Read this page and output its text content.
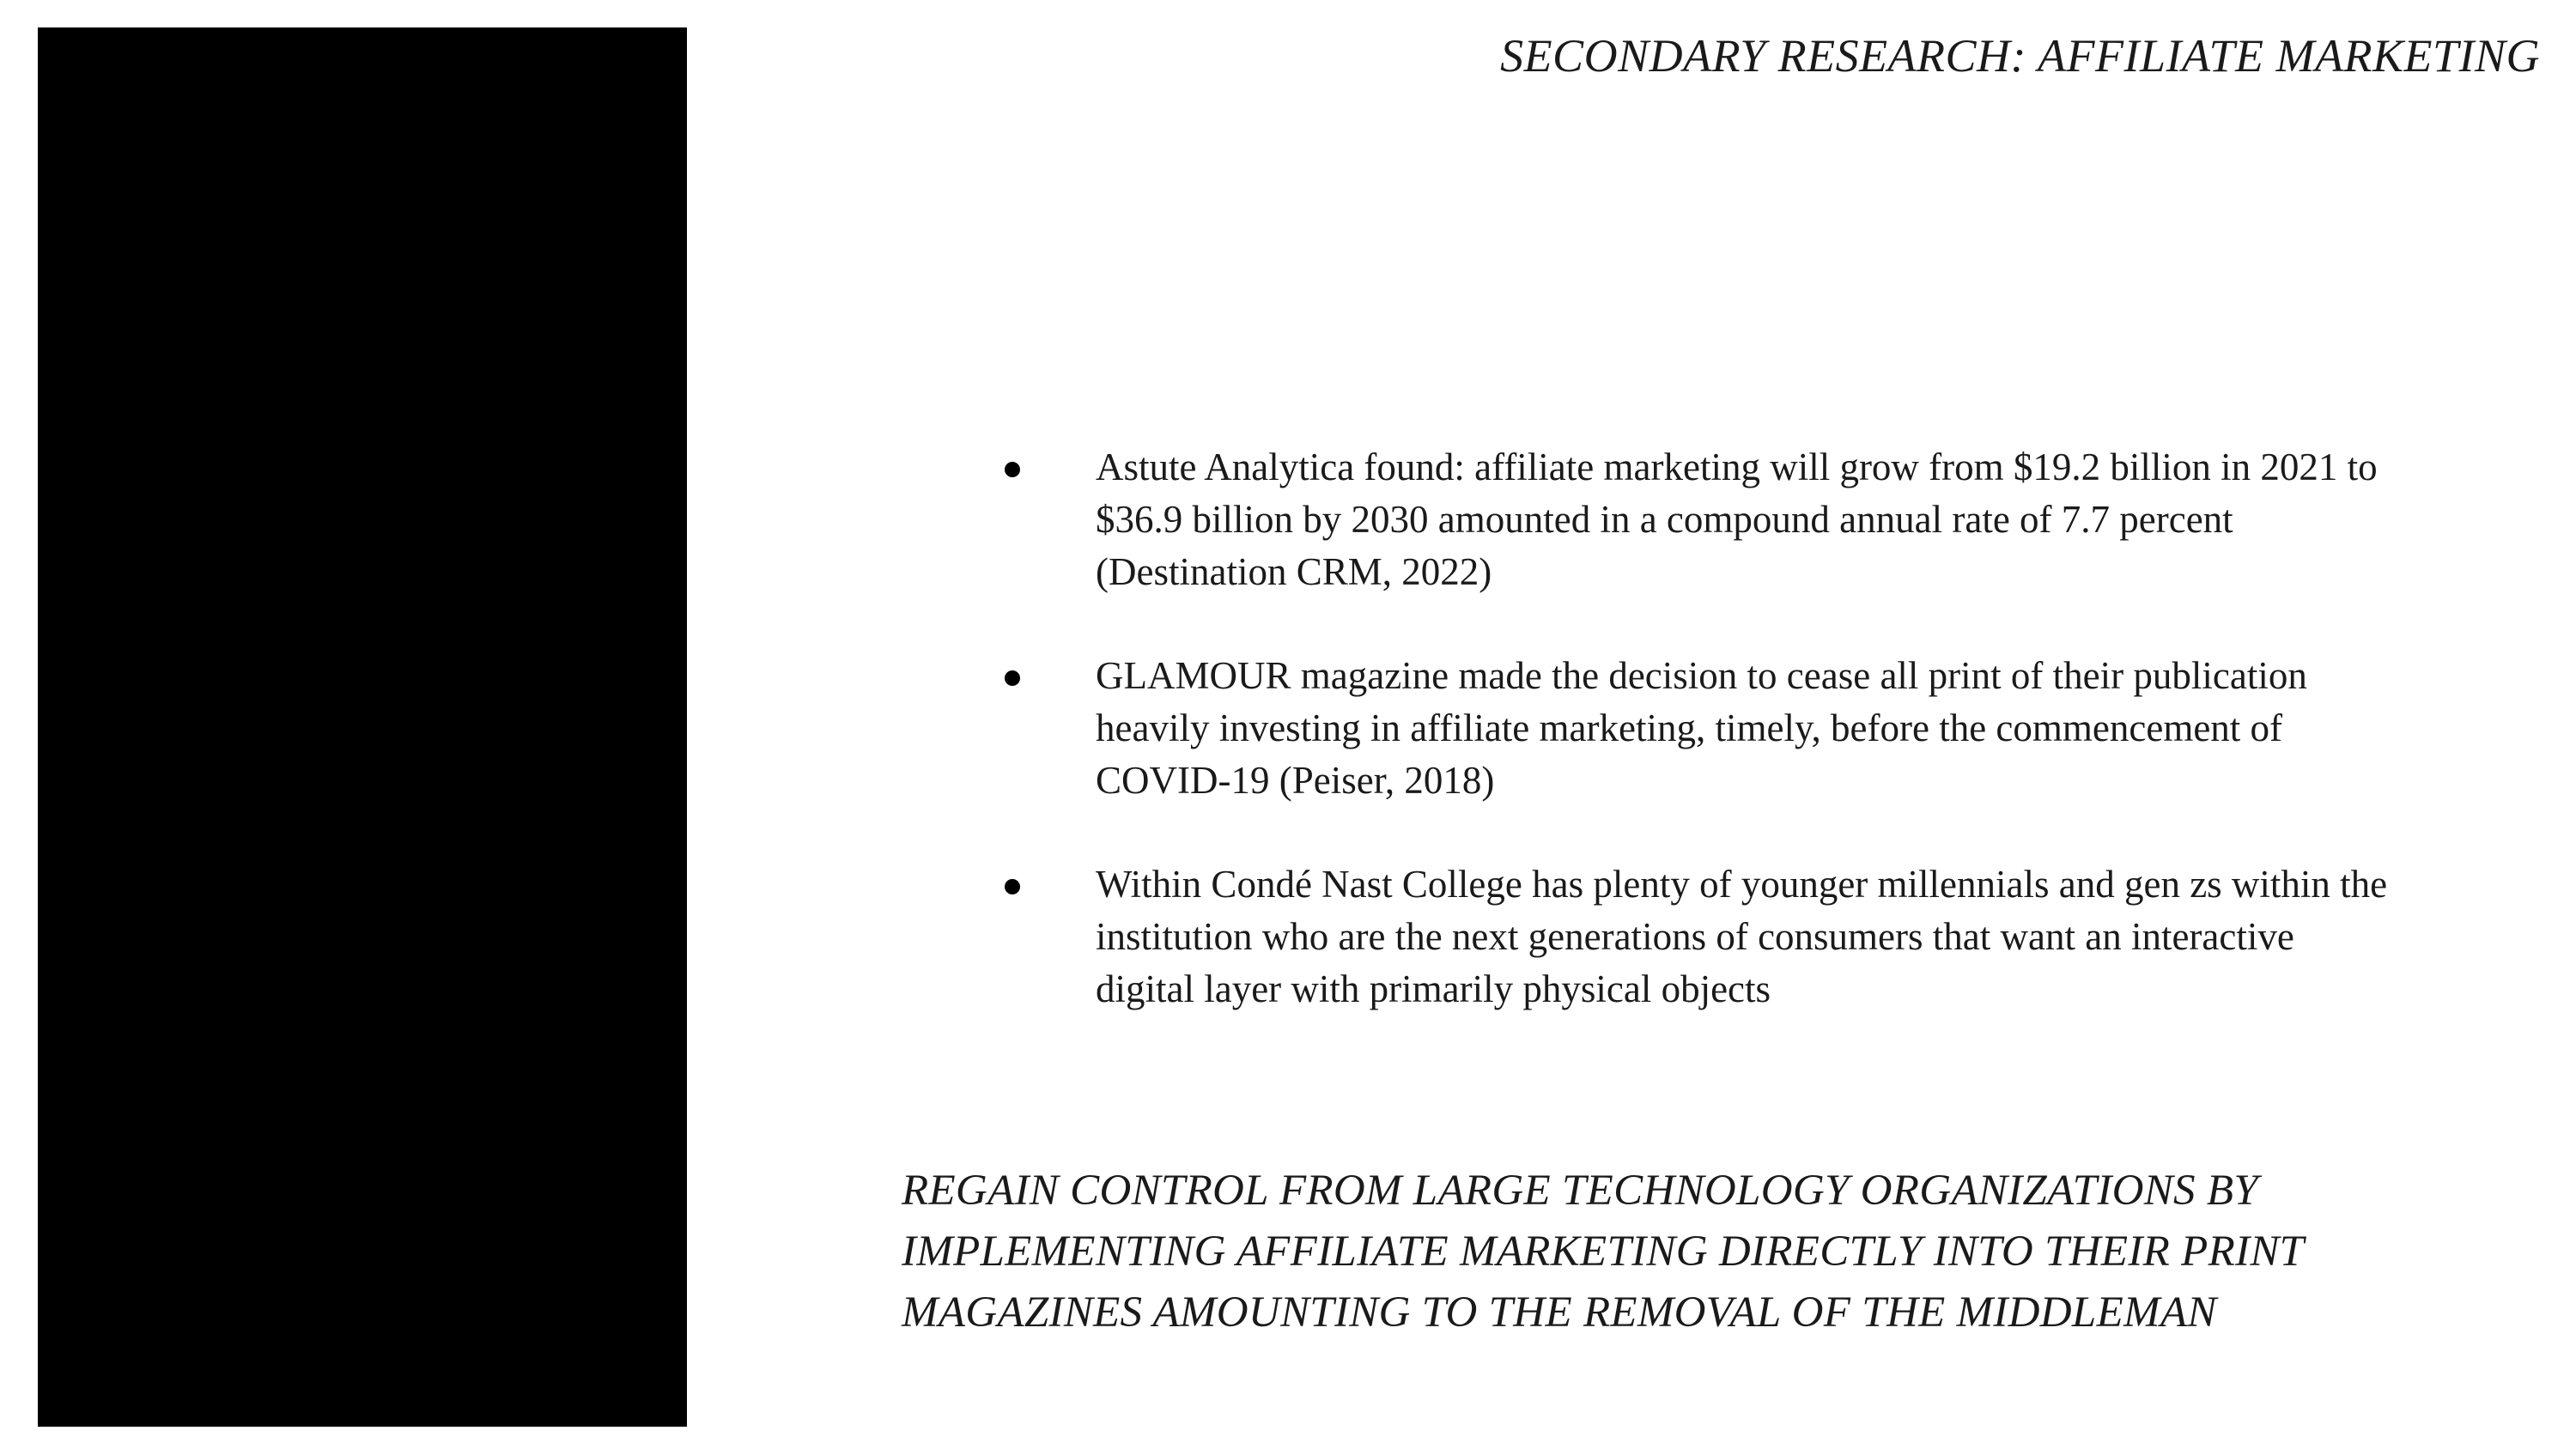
SECONDARY RESEARCH: AFFILIATE MARKETING
Astute Analytica found: affiliate marketing will grow from $19.2 billion in 2021 to $36.9 billion by 2030 amounted in a compound annual rate of 7.7 percent (Destination CRM, 2022)
GLAMOUR magazine made the decision to cease all print of their publication heavily investing in affiliate marketing, timely, before the commencement of COVID-19 (Peiser, 2018)
Within Condé Nast College has plenty of younger millennials and gen zs within the institution who are the next generations of consumers that want an interactive digital layer with primarily physical objects
REGAIN CONTROL FROM LARGE TECHNOLOGY ORGANIZATIONS BY IMPLEMENTING AFFILIATE MARKETING DIRECTLY INTO THEIR PRINT MAGAZINES AMOUNTING TO THE REMOVAL OF THE MIDDLEMAN
